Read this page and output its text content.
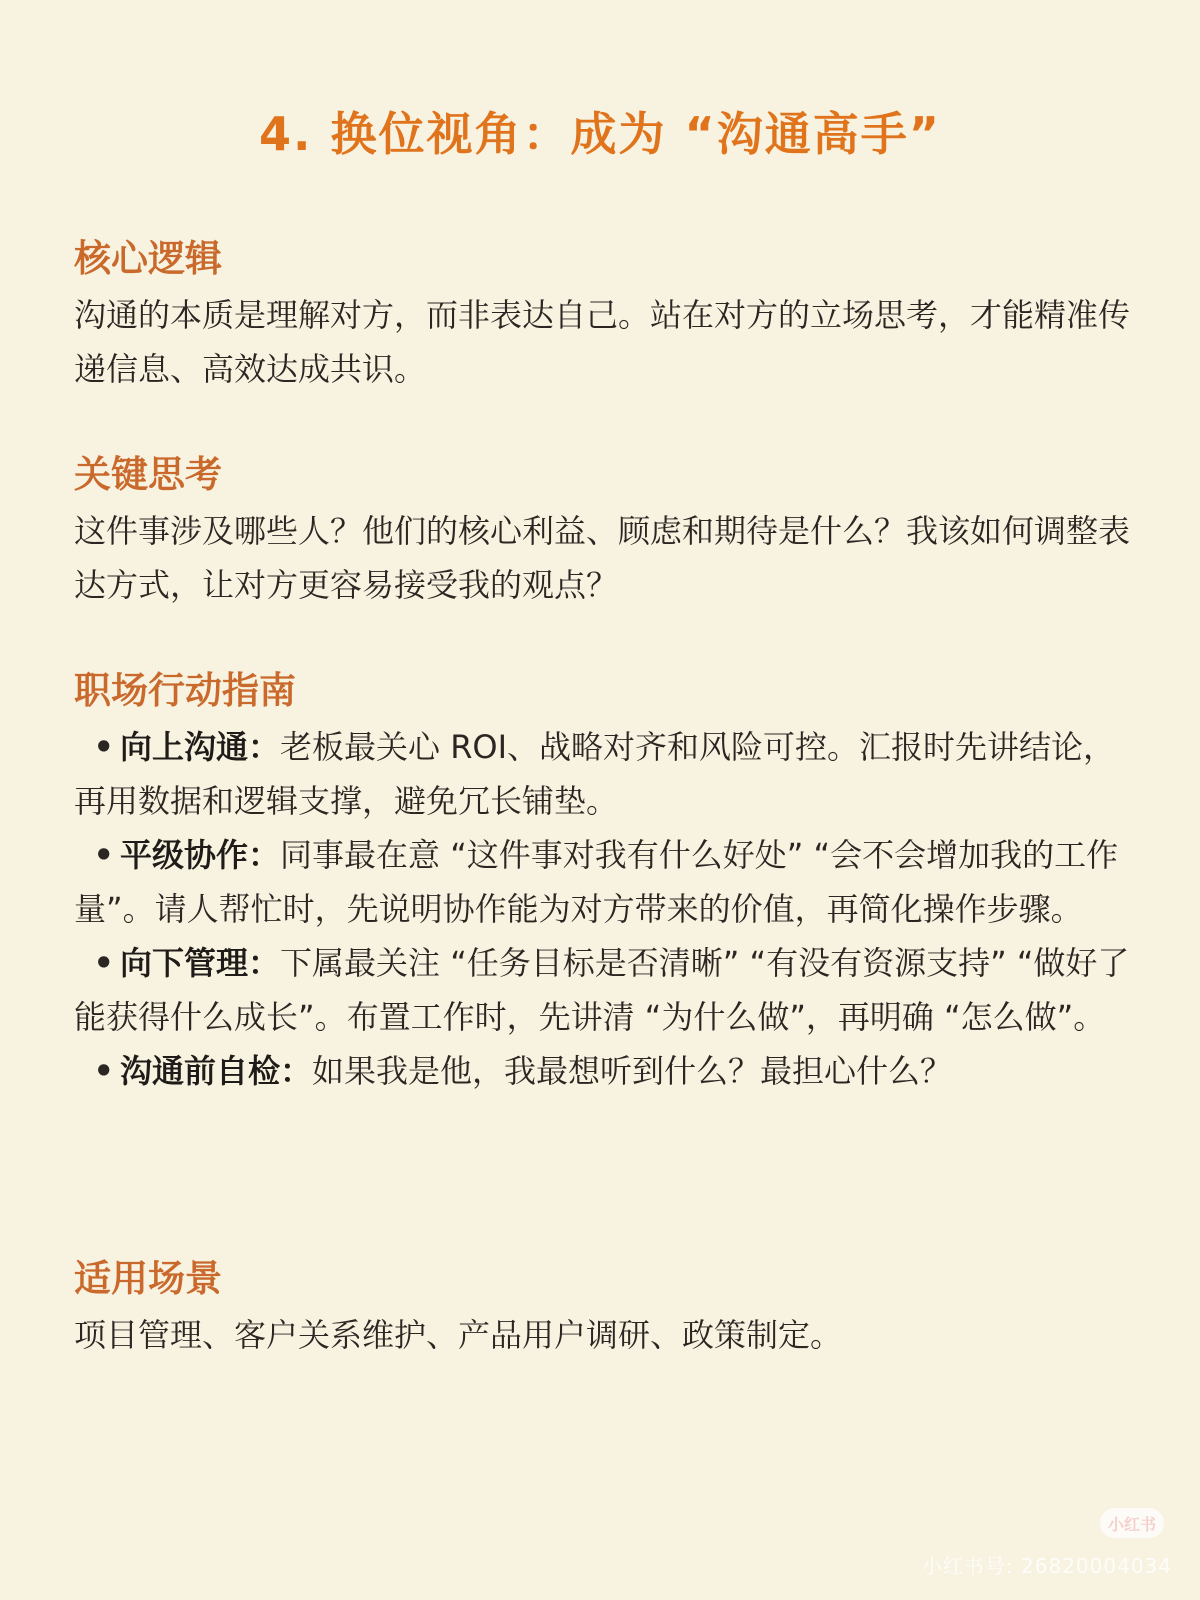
4. 换位视角：成为 “沟通高手”

核心逻辑

沟通的本质是理解对方，而非表达自己。站在对方的立场思考，才能精准传递信息、高效达成共识。

关键思考

这件事涉及哪些人？他们的核心利益、顾虑和期待是什么？我该如何调整表达方式，让对方更容易接受我的观点？

职场行动指南

• 向上沟通：老板最关心 ROI、战略对齐和风险可控。汇报时先讲结论，再用数据和逻辑支撑，避免冗长铺垫。

• 平级协作：同事最在意 “这件事对我有什么好处” “会不会增加我的工作量”。请人帮忙时，先说明协作能为对方带来的价值，再简化操作步骤。

• 向下管理：下属最关注 “任务目标是否清晰” “有没有资源支持” “做好了能获得什么成长”。布置工作时，先讲清 “为什么做”，再明确 “怎么做”。

• 沟通前自检：如果我是他，我最想听到什么？最担心什么？

适用场景

项目管理、客户关系维护、产品用户调研、政策制定。

小红书
小红书号: 26820004034
